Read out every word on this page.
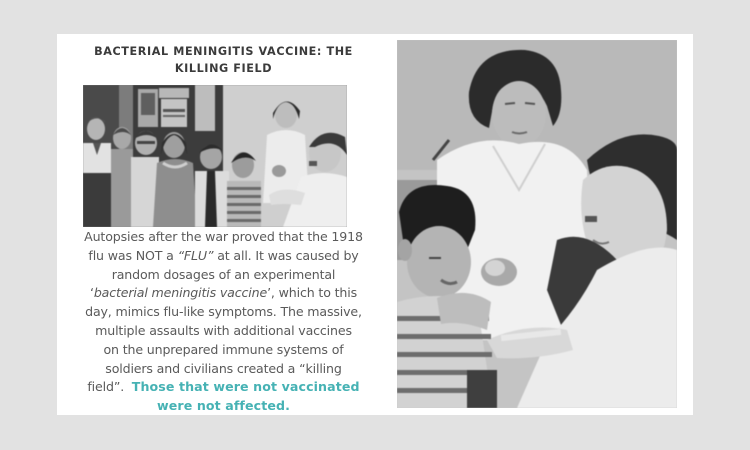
BACTERIAL MENINGITIS VACCINE: THE
KILLING FIELD
Autopsies after the war proved that the 1918
flu was NOT a “FLU” at all. It was caused by
random dosages of an experimental
‘bacterial meningitis vaccine’, which to this
day, mimics flu-like symptoms. The massive,
multiple assaults with additional vaccines
on the unprepared immune systems of
soldiers and civilians created a “killing
field”.  Those that were not vaccinated
were not affected.
